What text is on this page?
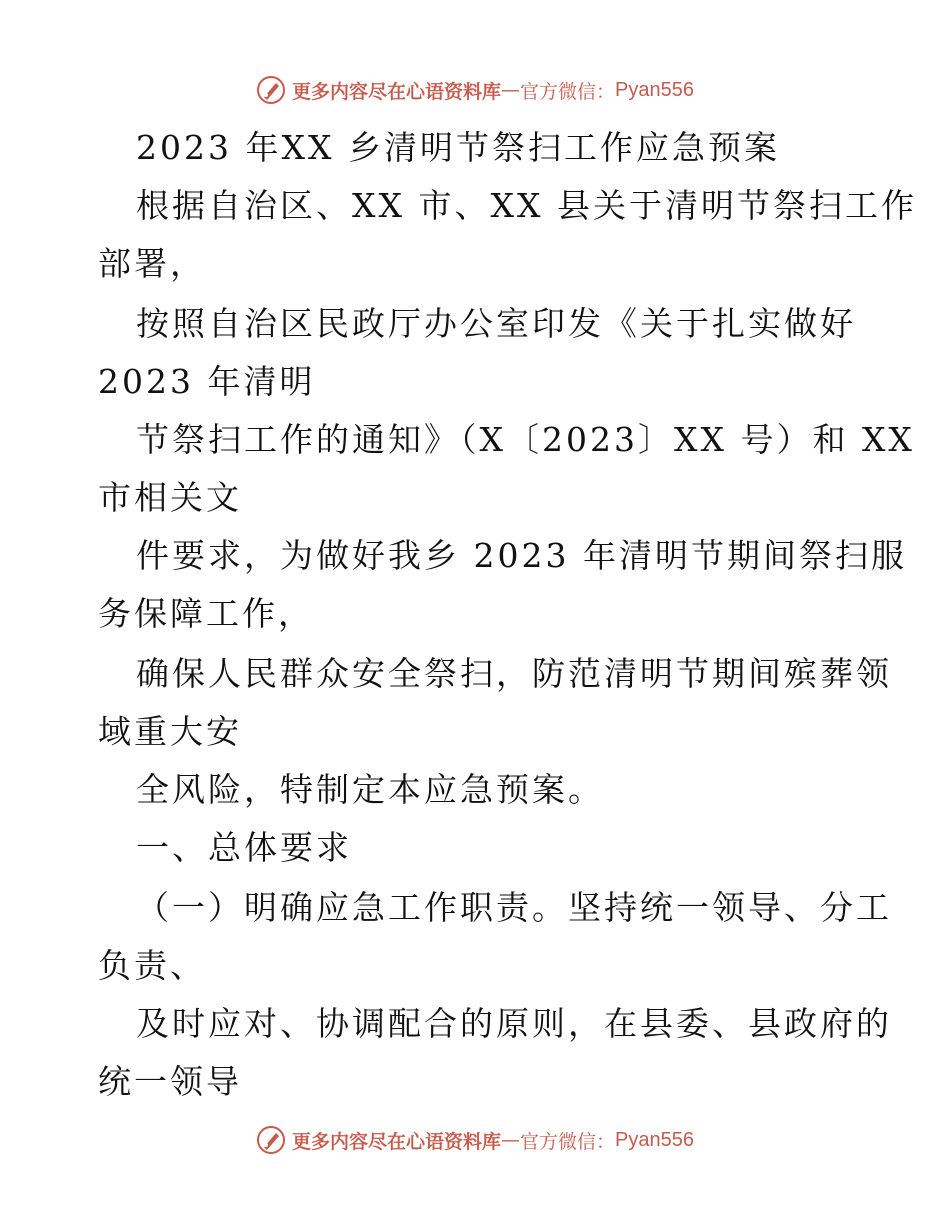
更多内容尽在心语资料库 — 官方微信： Pyan556
2023 年XX 乡清明节祭扫工作应急预案
根据自治区、XX 市、XX 县关于清明节祭扫工作
部署，
按照自治区民政厅办公室印发《关于扎实做好
2023 年清明
节祭扫工作的通知》（X〔2023〕XX 号）和 XX
市相关文
件要求，为做好我乡 2023 年清明节期间祭扫服
务保障工作，
确保人民群众安全祭扫，防范清明节期间殡葬领
域重大安
全风险，特制定本应急预案。
一、总体要求
（一）明确应急工作职责。坚持统一领导、分工
负责、
及时应对、协调配合的原则，在县委、县政府的
统一领导
更多内容尽在心语资料库 — 官方微信： Pyan556
